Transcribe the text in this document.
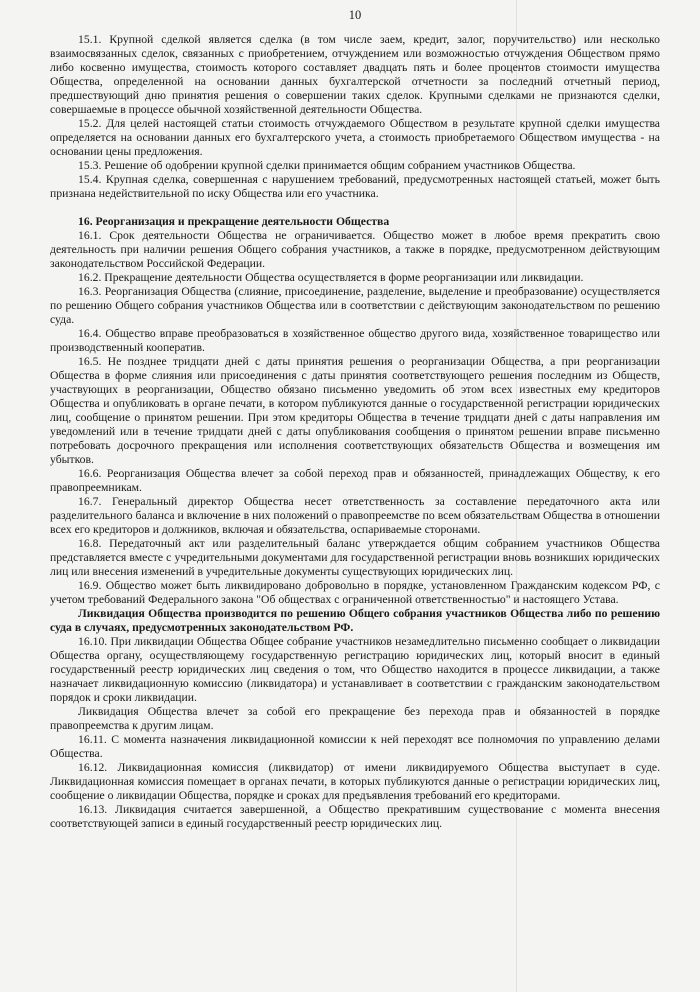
10

15.1. Крупной сделкой является сделка (в том числе заем, кредит, залог, поручительство) или несколько взаимосвязанных сделок, связанных с приобретением, отчуждением или возможностью отчуждения Обществом прямо либо косвенно имущества, стоимость которого составляет двадцать пять и более процентов стоимости имущества Общества, определенной на основании данных бухгалтерской отчетности за последний отчетный период, предшествующий дню принятия решения о совершении таких сделок. Крупными сделками не признаются сделки, совершаемые в процессе обычной хозяйственной деятельности Общества.

15.2. Для целей настоящей статьи стоимость отчуждаемого Обществом в результате крупной сделки имущества определяется на основании данных его бухгалтерского учета, а стоимость приобретаемого Обществом имущества - на основании цены предложения.

15.3. Решение об одобрении крупной сделки принимается общим собранием участников Общества.

15.4. Крупная сделка, совершенная с нарушением требований, предусмотренных настоящей статьей, может быть признана недействительной по иску Общества или его участника.

16. Реорганизация и прекращение деятельности Общества

16.1. Срок деятельности Общества не ограничивается. Общество может в любое время прекратить свою деятельность при наличии решения Общего собрания участников, а также в порядке, предусмотренном действующим законодательством Российской Федерации.

16.2. Прекращение деятельности Общества осуществляется в форме реорганизации или ликвидации.

16.3. Реорганизация Общества (слияние, присоединение, разделение, выделение и преобразование) осуществляется по решению Общего собрания участников Общества или в соответствии с действующим законодательством по решению суда.

16.4. Общество вправе преобразоваться в хозяйственное общество другого вида, хозяйственное товарищество или производственный кооператив.

16.5. Не позднее тридцати дней с даты принятия решения о реорганизации Общества, а при реорганизации Общества в форме слияния или присоединения с даты принятия соответствующего решения последним из Обществ, участвующих в реорганизации, Общество обязано письменно уведомить об этом всех известных ему кредиторов Общества и опубликовать в органе печати, в котором публикуются данные о государственной регистрации юридических лиц, сообщение о принятом решении. При этом кредиторы Общества в течение тридцати дней с даты направления им уведомлений или в течение тридцати дней с даты опубликования сообщения о принятом решении вправе письменно потребовать досрочного прекращения или исполнения соответствующих обязательств Общества и возмещения им убытков.

16.6. Реорганизация Общества влечет за собой переход прав и обязанностей, принадлежащих Обществу, к его правопреемникам.

16.7. Генеральный директор Общества несет ответственность за составление передаточного акта или разделительного баланса и включение в них положений о правопреемстве по всем обязательствам Общества в отношении всех его кредиторов и должников, включая и обязательства, оспариваемые сторонами.

16.8. Передаточный акт или разделительный баланс утверждается общим собранием участников Общества представляется вместе с учредительными документами для государственной регистрации вновь возникших юридических лиц или внесения изменений в учредительные документы существующих юридических лиц.

16.9. Общество может быть ликвидировано добровольно в порядке, установленном Гражданским кодексом РФ, с учетом требований Федерального закона "Об обществах с ограниченной ответственностью" и настоящего Устава.

Ликвидация Общества производится по решению Общего собрания участников Общества либо по решению суда в случаях, предусмотренных законодательством РФ.

16.10. При ликвидации Общества Общее собрание участников незамедлительно письменно сообщает о ликвидации Общества органу, осуществляющему государственную регистрацию юридических лиц, который вносит в единый государственный реестр юридических лиц сведения о том, что Общество находится в процессе ликвидации, а также назначает ликвидационную комиссию (ликвидатора) и устанавливает в соответствии с гражданским законодательством порядок и сроки ликвидации.

Ликвидация Общества влечет за собой его прекращение без перехода прав и обязанностей в порядке правопреемства к другим лицам.

16.11. С момента назначения ликвидационной комиссии к ней переходят все полномочия по управлению делами Общества.

16.12. Ликвидационная комиссия (ликвидатор) от имени ликвидируемого Общества выступает в суде. Ликвидационная комиссия помещает в органах печати, в которых публикуются данные о регистрации юридических лиц, сообщение о ликвидации Общества, порядке и сроках для предъявления требований его кредиторами.

16.13. Ликвидация считается завершенной, а Общество прекратившим существование с момента внесения соответствующей записи в единый государственный реестр юридических лиц.
